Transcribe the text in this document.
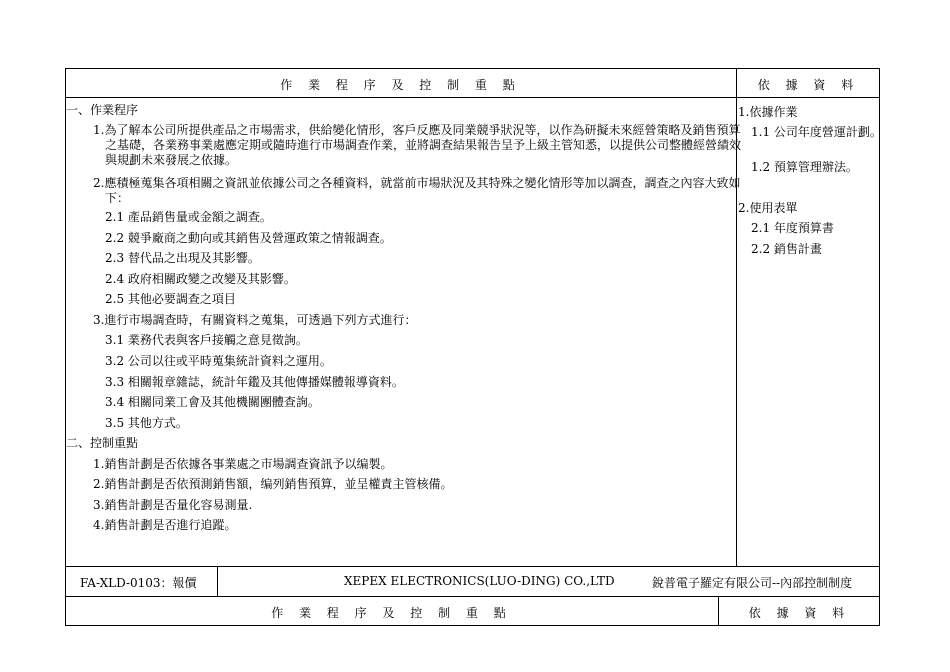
作 業 程 序 及 控 制 重 點	依 據 資 料
一、作業程序
1.為了解本公司所提供產品之市場需求，供給變化情形，客戶反應及同業競爭狀況等，以作為研擬未來經營策略及銷售預算之基礎，各業務事業處應定期或隨時進行市場調查作業，並將調查結果報告呈予上級主管知悉，以提供公司整體經營績效與規劃未來發展之依據。
2.應積極蒐集各項相關之資訊並依據公司之各種資料，就當前市場狀況及其特殊之變化情形等加以調查，調查之內容大致如下：
2.1 產品銷售量或金額之調查。
2.2 競爭廠商之動向或其銷售及營運政策之情報調查。
2.3 替代品之出現及其影響。
2.4 政府相關政變之改變及其影響。
2.5 其他必要調查之項目
3.進行市場調查時，有關資料之蒐集，可透過下列方式進行：
3.1 業務代表與客戶接觸之意見徵詢。
3.2 公司以往或平時蒐集統計資料之運用。
3.3 相關報章雜誌，統計年鑑及其他傳播媒體報導資料。
3.4 相關同業工會及其他機關團體查詢。
3.5 其他方式。
二、控制重點
1.銷售計劃是否依據各事業處之市場調查資訊予以编製。
2.銷售計劃是否依預測銷售額，编列銷售預算，並呈權責主管核備。
3.銷售計劃是否量化容易測量.
4.銷售計劃是否進行追蹤。
1.依據作業
1.1 公司年度營運計劃。
1.2 預算管理辦法。
2.使用表單
2.1 年度預算書
2.2 銷售計畫
FA-XLD-0103：報價	XEPEX ELECTRONICS(LUO-DING) CO.,LTD	銳普電子羅定有限公司--內部控制制度
作 業 程 序 及 控 制 重 點	依 據 資 料
